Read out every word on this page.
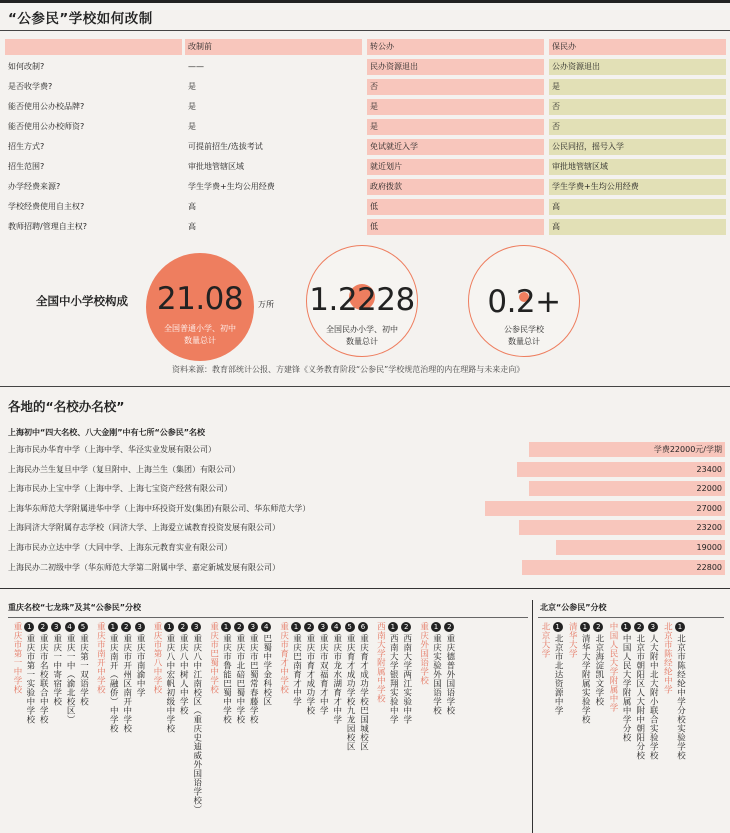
“公参民”学校如何改制
改制前	转公办	保民办
如何改制?	——	民办资源退出	公办资源退出
是否收学费?	是	否	是
能否使用公办校品牌?	是	是	否
能否使用公办校师资?	是	是	否
招生方式?	可提前招生/选拔考试	免试就近入学	公民同招，摇号入学
招生范围?	审批地管辖区域	就近划片	审批地管辖区域
办学经费来源?	学生学费+生均公用经费	政府拨款	学生学费+生均公用经费
学校经费使用自主权?	高	低	高
教师招聘/管理自主权?	高	低	高
全国中小学校构成 21.08
全国普通小学、初中
数量总计
万所 1.2228
全国民办小学、初中
数量总计
0.2+
公参民学校
数量总计
资料来源：教育部统计公报、方建锋《义务教育阶段“公参民”学校规范治理的内在理路与未来走向》
各地的“名校办名校”
上海初中“四大名校、八大金刚”中有七所“公参民”名校
上海市民办华育中学（上海中学、华泾实业发展有限公司）	学费22000元/学期
上海民办兰生复旦中学（复旦附中、上海兰生（集团）有限公司）	23400
上海市民办上宝中学（上海中学、上海七宝资产经营有限公司）	22000
上海华东师范大学附属进华中学（上海中环投资开发(集团)有限公司、华东师范大学）	27000
上海同济大学附属存志学校（同济大学、上海爱立诚教育投资发展有限公司）	23200
上海市民办立达中学（大同中学、上海东元教育实业有限公司）	19000
上海民办二初级中学（华东师范大学第二附属中学、嘉定新城发展有限公司）	22800
重庆名校“七龙珠”及其“公参民”分校	北京“公参民”分校
重庆市第一中学校 1
重庆市第一实验中学校
2
重庆市名校联合中学校
3
重庆一中寄宿学校
4
重庆一中（渝北校区）
5
重庆第一双语学校 重庆市南开中学校 1
重庆南开（融侨）中学校
2
重庆市开州区南开中学校
3
重庆市南渝中学 重庆市第八中学校 1
重庆八中宏帆初级中学校
2
重庆八中树人中学校
3
重庆八中江南校区（重庆史迪威外国语学校） 重庆市巴蜀中学校 1
重庆市鲁能巴蜀中学校
2
重庆市北碚巴蜀中学校
3
重庆市巴蜀常春藤学校
4
巴蜀中学金科校区 重庆市育才中学校 1
重庆巴南育才中学
2
重庆市育才成功学校
3
重庆市双福育才中学
4
重庆市龙水湖育才中学
5
重庆育才成功学校九龙园校区
6
重庆育才成功学校巴国城校区 西南大学附属中学校 1
西南大学银翔实验中学
2
西南大学两江实验中学 重庆外国语学校 1
重庆实验外国语学校
2
重庆德普外国语学校	北京大学 1
北京市北达资源中学 清华大学 1
清华大学附属实验学校
2
北京海淀凯文学校 中国人民大学附属中学 1
中国人民大学附属中学分校
2
北京市朝阳区人大附中朝阳分校
3
人大附中北大附小联合实验学校 北京市陈经纶中学 1
北京市陈经纶中学分校实验学校
